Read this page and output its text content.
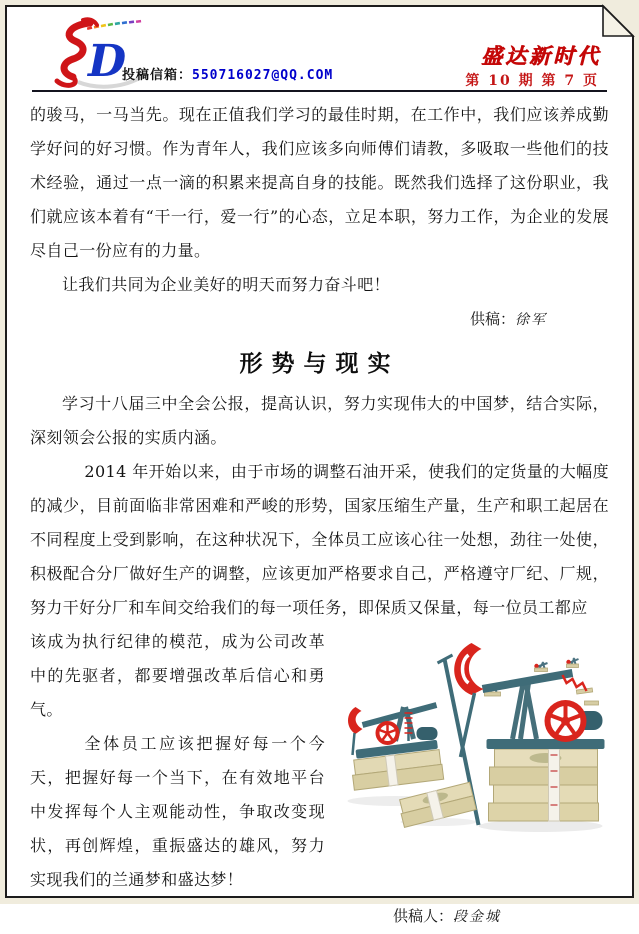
D
投稿信箱：550716027@QQ.COM
盛达新时代
第 10 期 第 7 页

的骏马，一马当先。现在正值我们学习的最佳时期，在工作中，我们应该养成勤学好问的好习惯。作为青年人，我们应该多向师傅们请教，多吸取一些他们的技术经验，通过一点一滴的积累来提高自身的技能。既然我们选择了这份职业，我们就应该本着有“干一行，爱一行”的心态，立足本职，努力工作，为企业的发展尽自己一份应有的力量。

让我们共同为企业美好的明天而努力奋斗吧！

供稿：徐军
形势与现实

学习十八届三中全会公报，提高认识，努力实现伟大的中国梦，结合实际，深刻领会公报的实质内涵。

2014 年开始以来，由于市场的调整石油开采，使我们的定货量的大幅度的减少，目前面临非常困难和严峻的形势，国家压缩生产量，生产和职工起居在不同程度上受到影响，在这种状况下，全体员工应该心往一处想，劲往一处使，积极配合分厂做好生产的调整，应该更加严格要求自己，严格遵守厂纪、厂规，努力干好分厂和车间交给我们的每一项任务，即保质又保量，每一位员工都应

该成为执行纪律的模范，成为公司改革中的先驱者，都要增强改革后信心和勇气。

全体员工应该把握好每一个今天，把握好每一个当下，在有效地平台中发挥每个人主观能动性，争取改变现状，再创辉煌，重振盛达的雄风，努力实现我们的兰通梦和盛达梦！

供稿人：段金城
